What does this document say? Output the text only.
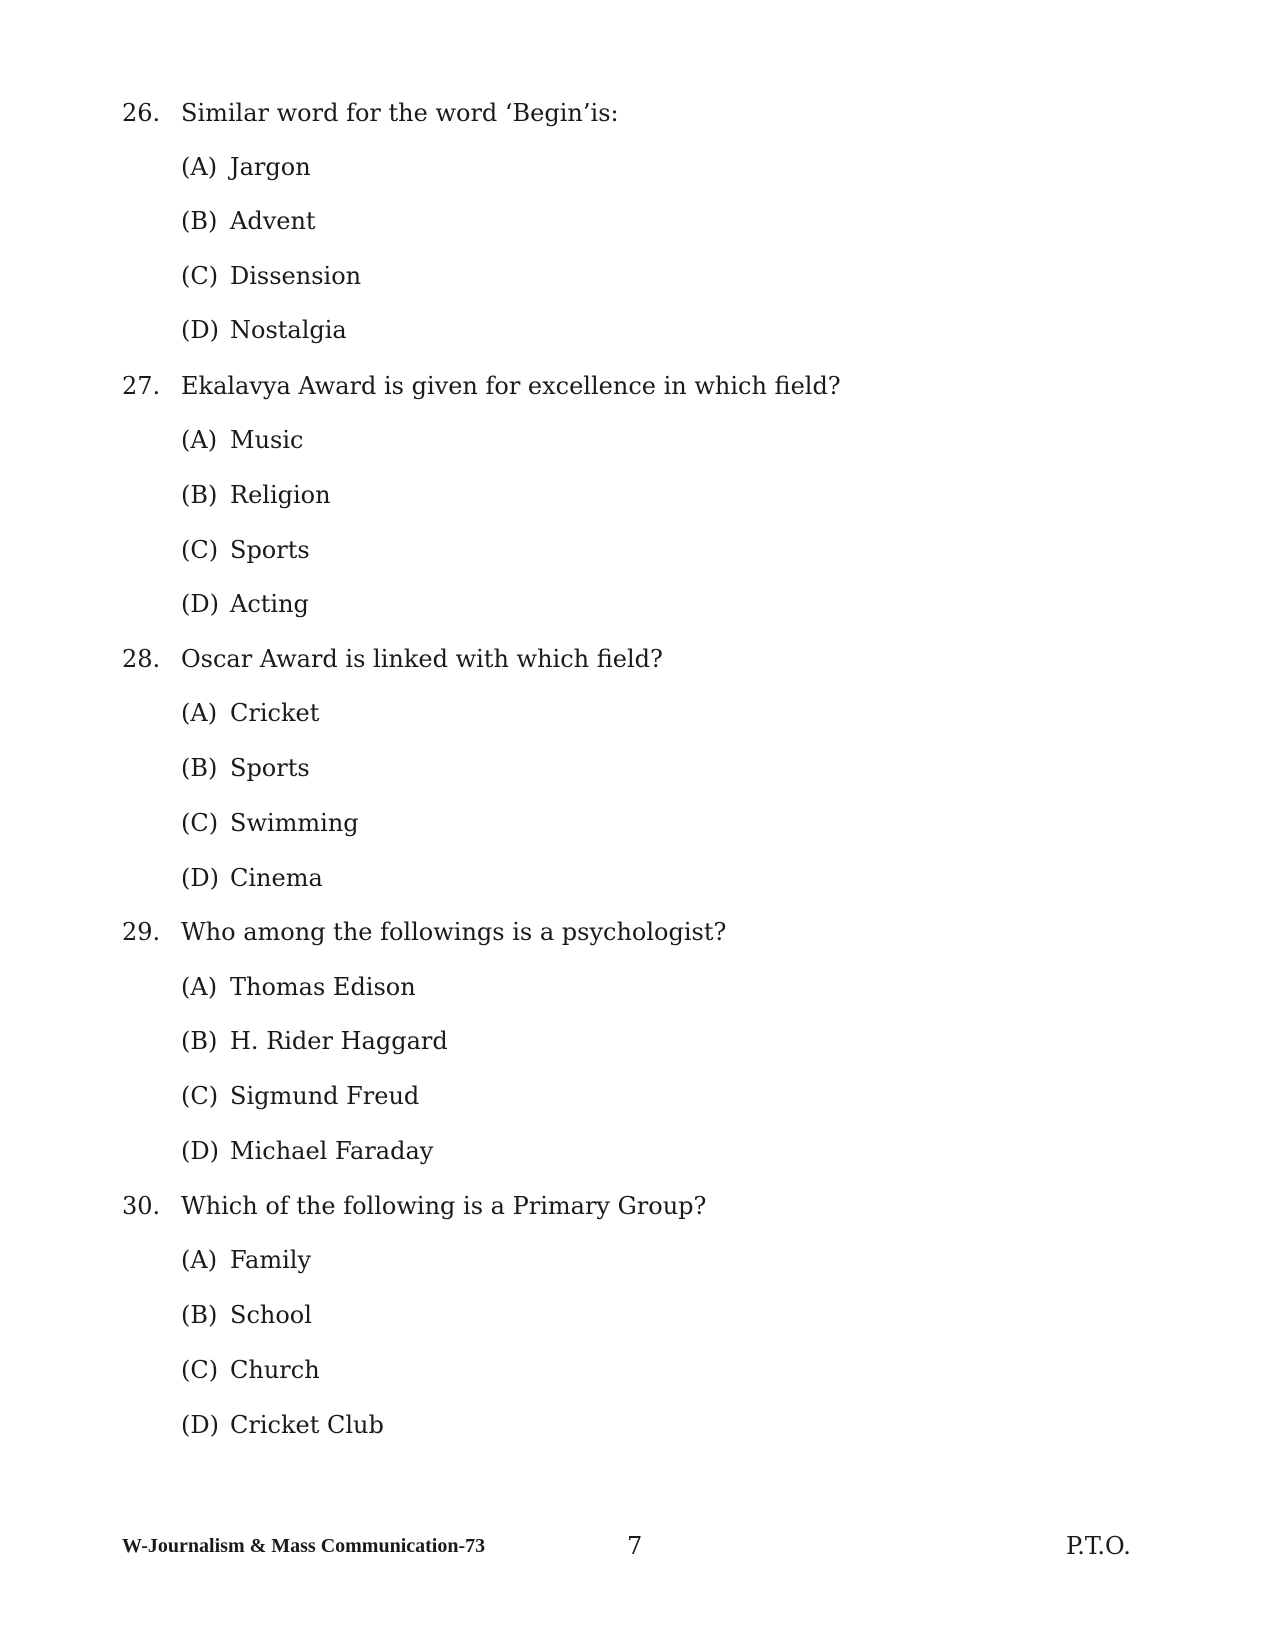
26. Similar word for the word ‘Begin’is:
(A) Jargon
(B) Advent
(C) Dissension
(D) Nostalgia
27. Ekalavya Award is given for excellence in which field?
(A) Music
(B) Religion
(C) Sports
(D) Acting
28. Oscar Award is linked with which field?
(A) Cricket
(B) Sports
(C) Swimming
(D) Cinema
29. Who among the followings is a psychologist?
(A) Thomas Edison
(B) H. Rider Haggard
(C) Sigmund Freud
(D) Michael Faraday
30. Which of the following is a Primary Group?
(A) Family
(B) School
(C) Church
(D) Cricket Club
W-Journalism & Mass Communication-73	7	P.T.O.
